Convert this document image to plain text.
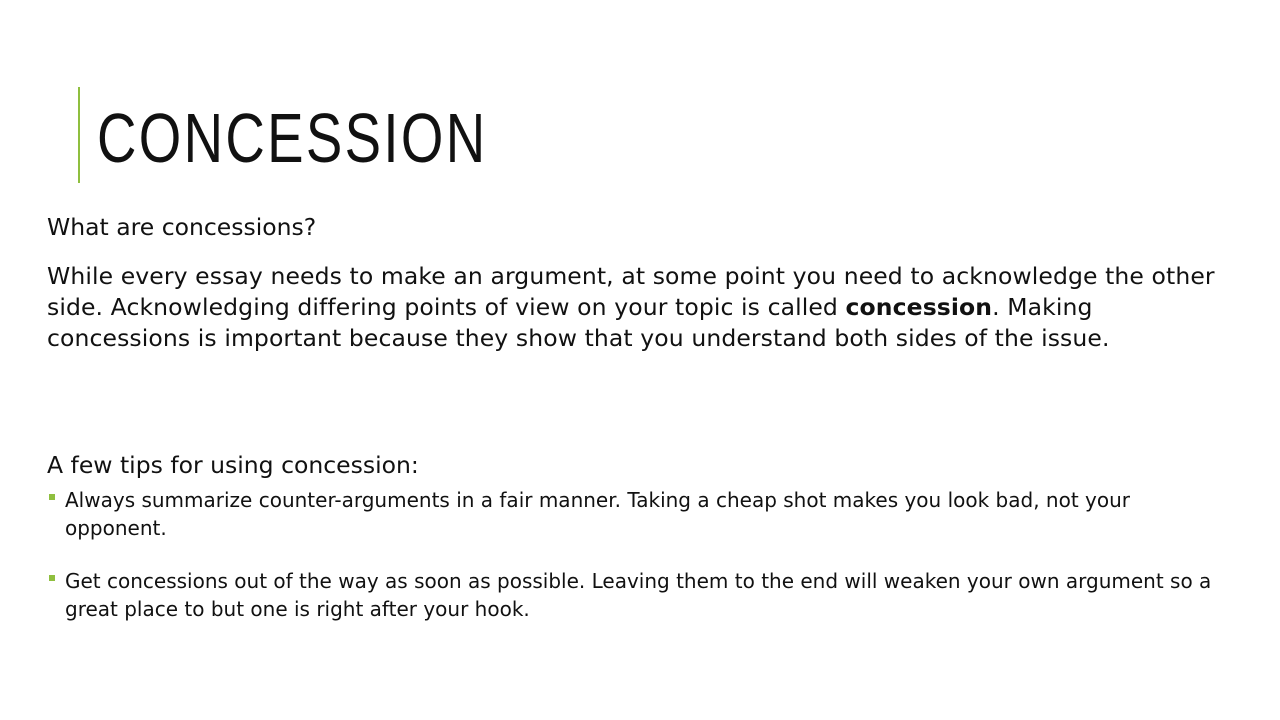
CONCESSION

What are concessions?

While every essay needs to make an argument, at some point you need to acknowledge the other side. Acknowledging differing points of view on your topic is called concession. Making concessions is important because they show that you understand both sides of the issue.

A few tips for using concession:

Always summarize counter-arguments in a fair manner. Taking a cheap shot makes you look bad, not your opponent.
Get concessions out of the way as soon as possible. Leaving them to the end will weaken your own argument so a great place to but one is right after your hook.
